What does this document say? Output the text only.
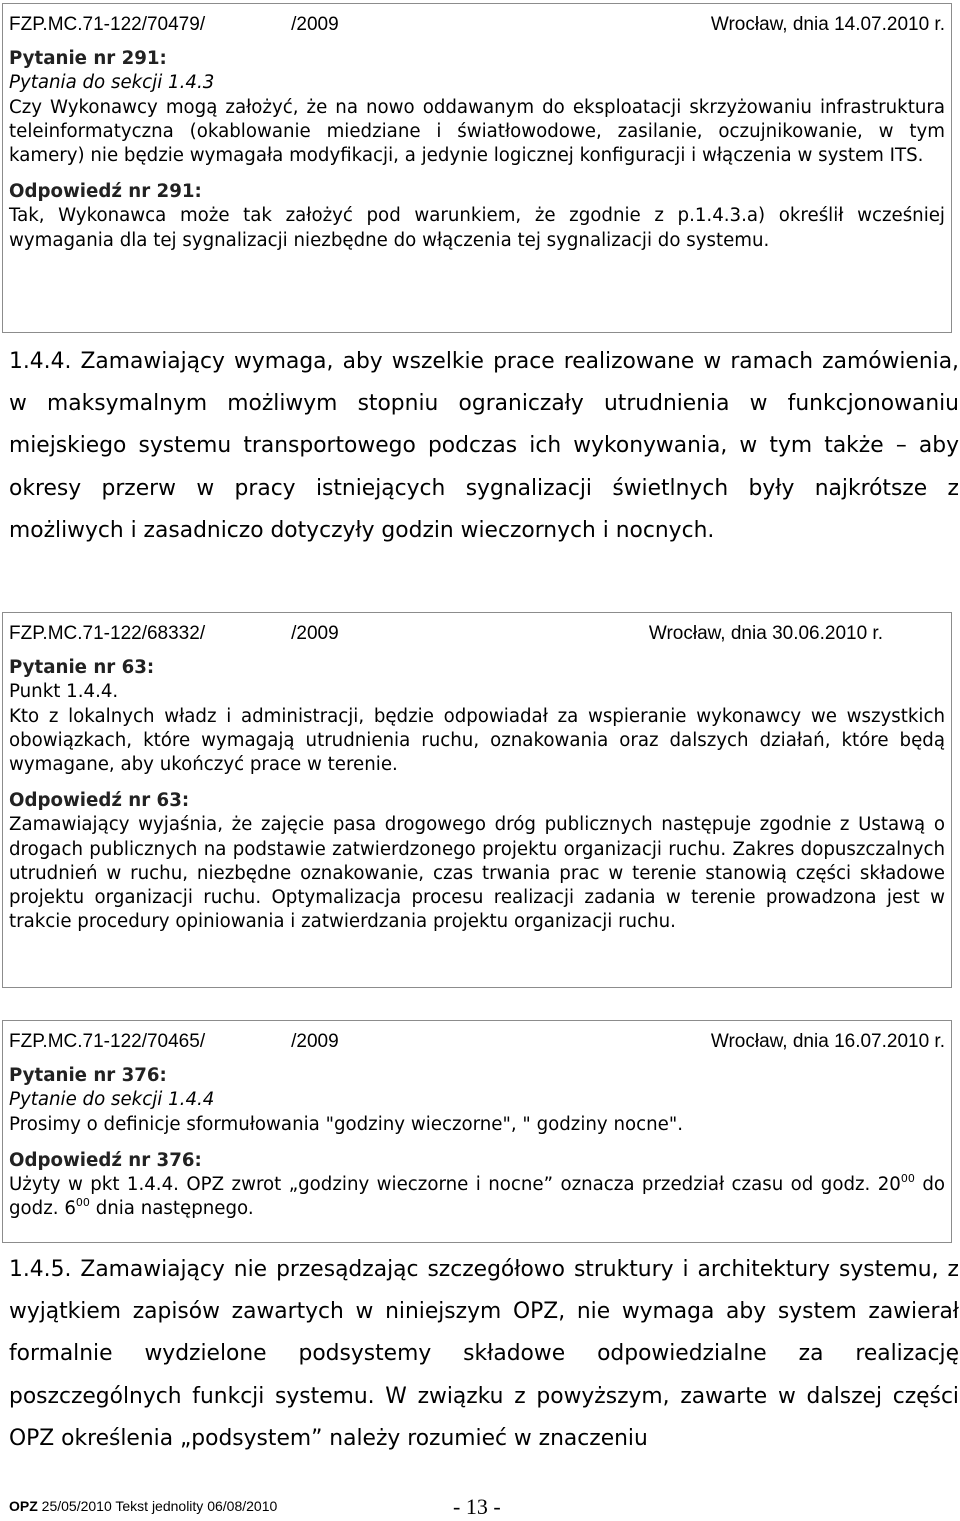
FZP.MC.71-122/70479/	/2009	Wrocław, dnia 14.07.2010 r.
Pytanie nr 291:
Pytania do sekcji 1.4.3
Czy Wykonawcy mogą założyć, że na nowo oddawanym do eksploatacji skrzyżowaniu infrastruktura teleinformatyczna (okablowanie miedziane i światłowodowe, zasilanie, oczujnikowanie, w tym kamery) nie będzie wymagała modyfikacji, a jedynie logicznej konfiguracji i włączenia w system ITS.
Odpowiedź nr 291:
Tak, Wykonawca może tak założyć pod warunkiem, że zgodnie z p.1.4.3.a) określił wcześniej wymagania dla tej sygnalizacji niezbędne do włączenia tej sygnalizacji do systemu.
1.4.4. Zamawiający wymaga, aby wszelkie prace realizowane w ramach zamówienia, w maksymalnym możliwym stopniu ograniczały utrudnienia w funkcjonowaniu miejskiego systemu transportowego podczas ich wykonywania, w tym także – aby okresy przerw w pracy istniejących sygnalizacji świetlnych były najkrótsze z możliwych i zasadniczo dotyczyły godzin wieczornych i nocnych.
FZP.MC.71-122/68332/	/2009	Wrocław, dnia 30.06.2010 r.
Pytanie nr 63:
Punkt 1.4.4.
Kto z lokalnych władz i administracji, będzie odpowiadał za wspieranie wykonawcy we wszystkich obowiązkach, które wymagają utrudnienia ruchu, oznakowania oraz dalszych działań, które będą wymagane, aby ukończyć prace w terenie.
Odpowiedź nr 63:
Zamawiający wyjaśnia, że zajęcie pasa drogowego dróg publicznych następuje zgodnie z Ustawą o drogach publicznych na podstawie zatwierdzonego projektu organizacji ruchu. Zakres dopuszczalnych utrudnień w ruchu, niezbędne oznakowanie, czas trwania prac w terenie stanowią części składowe projektu organizacji ruchu. Optymalizacja procesu realizacji zadania w terenie prowadzona jest w trakcie procedury opiniowania i zatwierdzania projektu organizacji ruchu.
FZP.MC.71-122/70465/	/2009	Wrocław, dnia 16.07.2010 r.
Pytanie nr 376:
Pytanie do sekcji 1.4.4
Prosimy o definicje sformułowania "godziny wieczorne", " godziny nocne".
Odpowiedź nr 376:
Użyty w pkt 1.4.4. OPZ zwrot „godziny wieczorne i nocne” oznacza przedział czasu od godz. $20^{00}$ do godz. $6^{00}$ dnia następnego.
1.4.5. Zamawiający nie przesądzając szczegółowo struktury i architektury systemu, z wyjątkiem zapisów zawartych w niniejszym OPZ, nie wymaga aby system zawierał formalnie wydzielone podsystemy składowe odpowiedzialne za realizację poszczególnych funkcji systemu. W związku z powyższym, zawarte w dalszej części OPZ określenia „podsystem” należy rozumieć w znaczeniu
OPZ 25/05/2010 Tekst jednolity 06/08/2010	- 13 -
